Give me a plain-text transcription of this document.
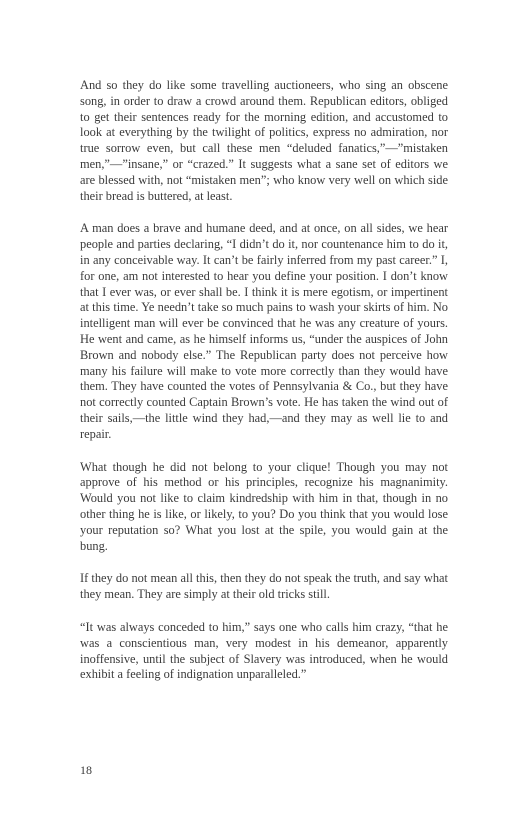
And so they do like some travelling auctioneers, who sing an obscene song, in order to draw a crowd around them. Republican editors, obliged to get their sentences ready for the morning edition, and accustomed to look at everything by the twilight of politics, express no admiration, nor true sorrow even, but call these men “deluded fanatics,”—”mistaken men,”—”insane,” or “crazed.” It suggests what a sane set of editors we are blessed with, not “mistaken men”; who know very well on which side their bread is buttered, at least.

A man does a brave and humane deed, and at once, on all sides, we hear people and parties declaring, “I didn’t do it, nor countenance him to do it, in any conceivable way. It can’t be fairly inferred from my past career.” I, for one, am not interested to hear you define your position. I don’t know that I ever was, or ever shall be. I think it is mere egotism, or impertinent at this time. Ye needn’t take so much pains to wash your skirts of him. No intelligent man will ever be convinced that he was any creature of yours. He went and came, as he himself informs us, “under the auspices of John Brown and nobody else.” The Republican party does not perceive how many his failure will make to vote more correctly than they would have them. They have counted the votes of Pennsylvania & Co., but they have not correctly counted Captain Brown’s vote. He has taken the wind out of their sails,—the little wind they had,—and they may as well lie to and repair.

What though he did not belong to your clique! Though you may not approve of his method or his principles, recognize his magnanimity. Would you not like to claim kindredship with him in that, though in no other thing he is like, or likely, to you? Do you think that you would lose your reputation so? What you lost at the spile, you would gain at the bung.

If they do not mean all this, then they do not speak the truth, and say what they mean. They are simply at their old tricks still.

“It was always conceded to him,” says one who calls him crazy, “that he was a conscientious man, very modest in his demeanor, apparently inoffensive, until the subject of Slavery was introduced, when he would exhibit a feeling of indignation unparalleled.”

18
